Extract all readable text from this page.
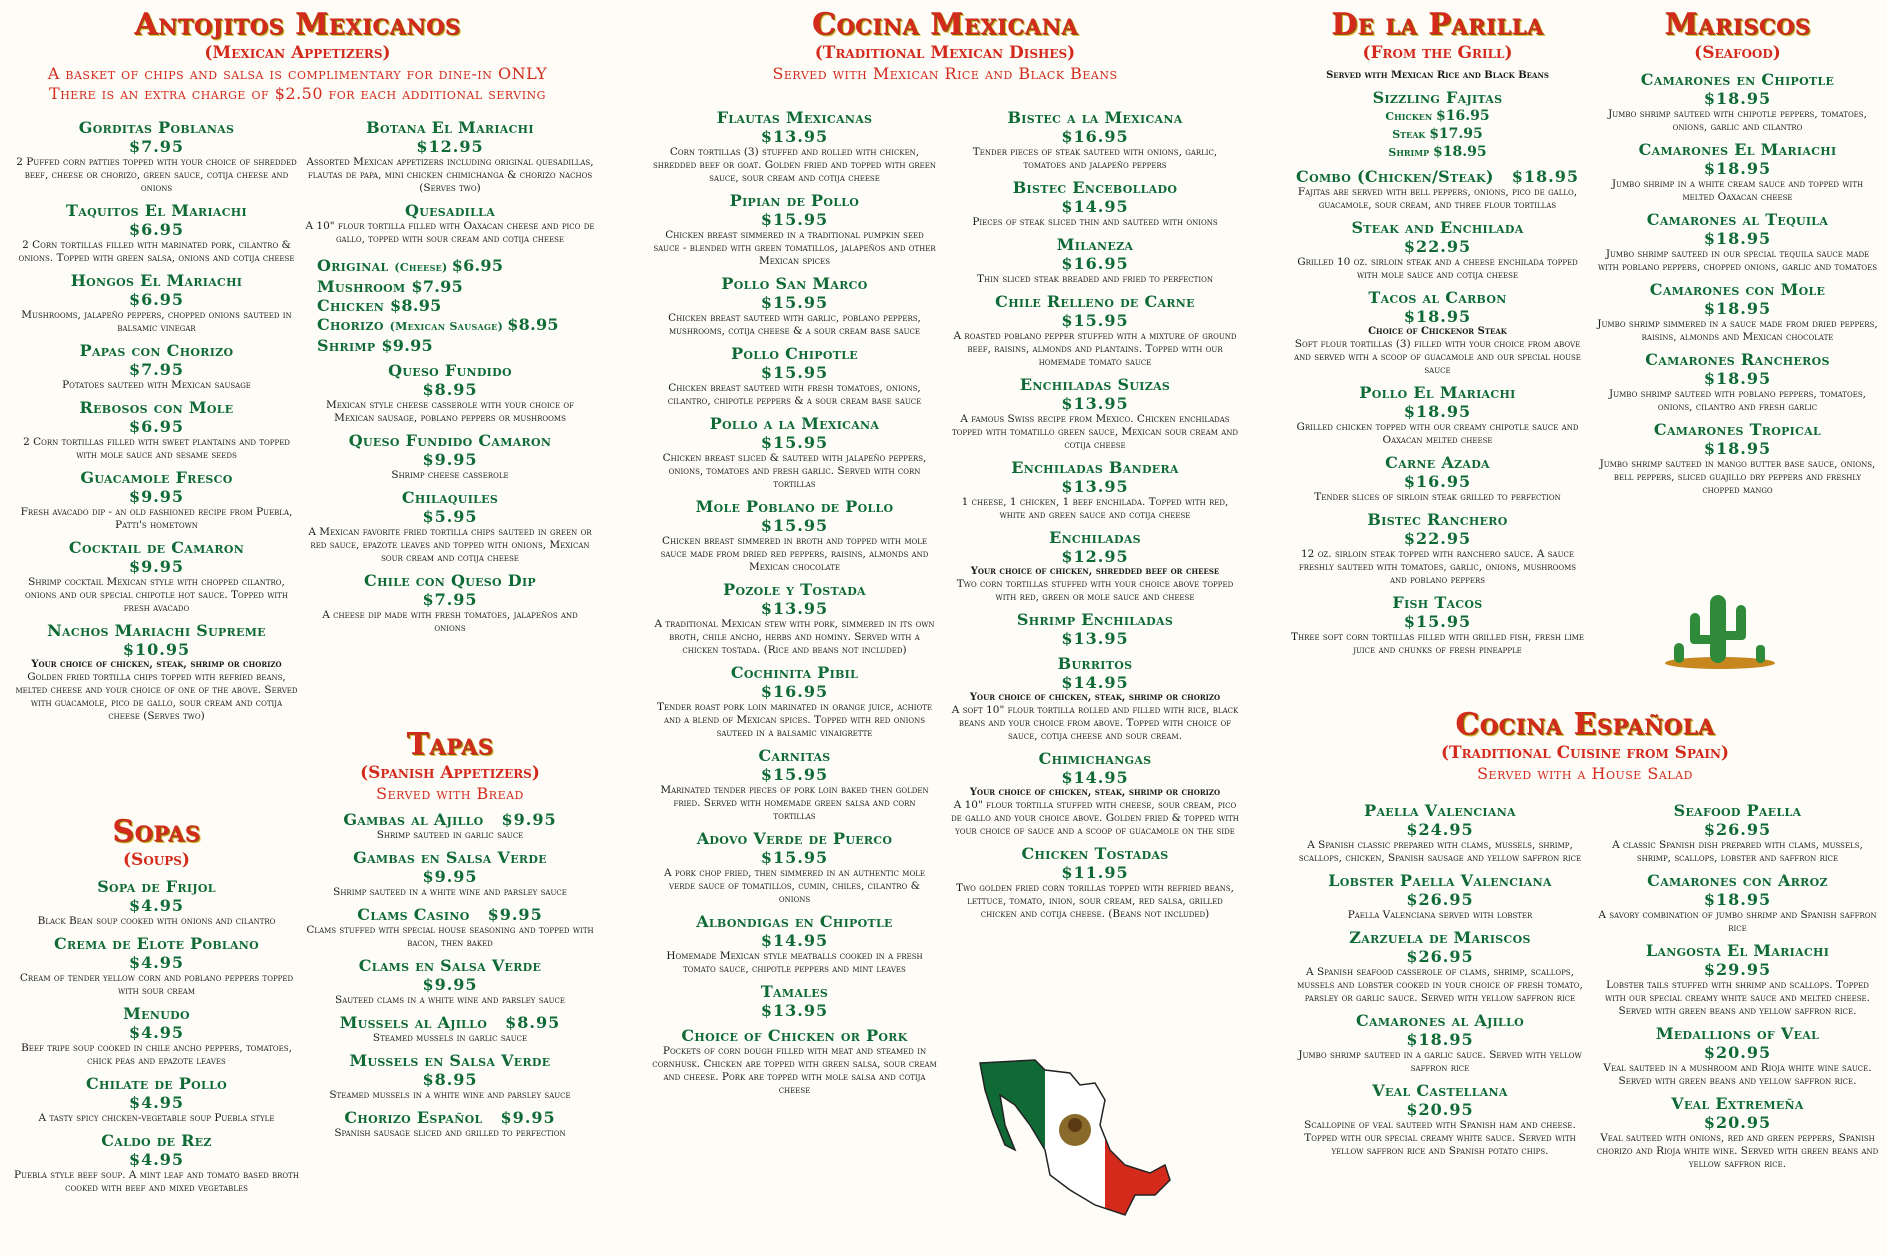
Antojitos Mexicanos
(Mexican Appetizers)
A basket of chips and salsa is complimentary for dine-in ONLY
There is an extra charge of $2.50 for each additional serving
Gorditas Poblanas
$7.95
2 Puffed corn patties topped with your choice of shredded beef, cheese or chorizo, green sauce, cotija cheese and onions
Taquitos El Mariachi
$6.95
2 Corn tortillas filled with marinated pork, cilantro & onions. Topped with green salsa, onions and cotija cheese
Hongos El Mariachi
$6.95
Mushrooms, jalapeño peppers, chopped onions sauteed in balsamic vinegar
Papas con Chorizo
$7.95
Potatoes sauteed with Mexican sausage
Rebosos con Mole
$6.95
2 Corn tortillas filled with sweet plantains and topped with mole sauce and sesame seeds
Guacamole Fresco
$9.95
Fresh avacado dip - an old fashioned recipe from Puebla, Patti's hometown
Cocktail de Camaron
$9.95
Shrimp cocktail Mexican style with chopped cilantro, onions and our special chipotle hot sauce. Topped with fresh avacado
Nachos Mariachi Supreme
$10.95
Your choice of chicken, steak, shrimp or chorizo
Golden fried tortilla chips topped with refried beans, melted cheese and your choice of one of the above. Served with guacamole, pico de gallo, sour cream and cotija cheese (Serves two)
Botana El Mariachi
$12.95
Assorted Mexican appetizers including original quesadillas, flautas de papa, mini chicken chimichanga & chorizo nachos (Serves two)
Quesadilla
A 10" flour tortilla filled with Oaxacan cheese and pico de gallo, topped with sour cream and cotija cheese
Original (Cheese) $6.95
Mushroom $7.95
Chicken $8.95
Chorizo (Mexican Sausage) $8.95
Shrimp $9.95
Queso Fundido
$8.95
Mexican style cheese casserole with your choice of Mexican sausage, poblano peppers or mushrooms
Queso Fundido Camaron
$9.95
Shrimp cheese casserole
Chilaquiles
$5.95
A Mexican favorite fried tortilla chips sauteed in green or red sauce, epazote leaves and topped with onions, Mexican sour cream and cotija cheese
Chile con Queso Dip
$7.95
A cheese dip made with fresh tomatoes, jalapeños and onions
Sopas
(Soups)
Sopa de Frijol
$4.95
Black Bean soup cooked with onions and cilantro
Crema de Elote Poblano
$4.95
Cream of tender yellow corn and poblano peppers topped with sour cream
Menudo
$4.95
Beef tripe soup cooked in chile ancho peppers, tomatoes, chick peas and epazote leaves
Chilate de Pollo
$4.95
A tasty spicy chicken-vegetable soup Puebla style
Caldo de Rez
$4.95
Puebla style beef soup. A mint leaf and tomato based broth cooked with beef and mixed vegetables
Tapas
(Spanish Appetizers)
Served with Bread
Gambas al Ajillo $9.95
Shrimp sauteed in garlic sauce
Gambas en Salsa Verde
$9.95
Shrimp sauteed in a white wine and parsley sauce
Clams Casino $9.95
Clams stuffed with special house seasoning and topped with bacon, then baked
Clams en Salsa Verde
$9.95
Sauteed clams in a white wine and parsley sauce
Mussels al Ajillo $8.95
Steamed mussels in garlic sauce
Mussels en Salsa Verde
$8.95
Steamed mussels in a white wine and parsley sauce
Chorizo Español $9.95
Spanish sausage sliced and grilled to perfection
Cocina Mexicana
(Traditional Mexican Dishes)
Served with Mexican Rice and Black Beans
Flautas Mexicanas
$13.95
Corn tortillas (3) stuffed and rolled with chicken, shredded beef or goat. Golden fried and topped with green sauce, sour cream and cotija cheese
Pipian de Pollo
$15.95
Chicken breast simmered in a traditional pumpkin seed sauce - blended with green tomatillos, jalapeños and other Mexican spices
Pollo San Marco
$15.95
Chicken breast sauteed with garlic, poblano peppers, mushrooms, cotija cheese & a sour cream base sauce
Pollo Chipotle
$15.95
Chicken breast sauteed with fresh tomatoes, onions, cilantro, chipotle peppers & a sour cream base sauce
Pollo a la Mexicana
$15.95
Chicken breast sliced & sauteed with jalapeño peppers, onions, tomatoes and fresh garlic. Served with corn tortillas
Mole Poblano de Pollo
$15.95
Chicken breast simmered in broth and topped with mole sauce made from dried red peppers, raisins, almonds and Mexican chocolate
Pozole y Tostada
$13.95
A traditional Mexican stew with pork, simmered in its own broth, chile ancho, herbs and hominy. Served with a chicken tostada. (Rice and beans not included)
Cochinita Pibil
$16.95
Tender roast pork loin marinated in orange juice, achiote and a blend of Mexican spices. Topped with red onions sauteed in a balsamic vinaigrette
Carnitas
$15.95
Marinated tender pieces of pork loin baked then golden fried. Served with homemade green salsa and corn tortillas
Adovo Verde de Puerco
$15.95
A pork chop fried, then simmered in an authentic mole verde sauce of tomatillos, cumin, chiles, cilantro & onions
Albondigas en Chipotle
$14.95
Homemade Mexican style meatballs cooked in a fresh tomato sauce, chipotle peppers and mint leaves
Tamales
$13.95
Choice of Chicken or Pork
Pockets of corn dough filled with meat and steamed in cornhusk. Chicken are topped with green salsa, sour cream and cheese. Pork are topped with mole salsa and cotija cheese
Bistec a la Mexicana
$16.95
Tender pieces of steak sauteed with onions, garlic, tomatoes and jalapeño peppers
Bistec Encebollado
$14.95
Pieces of steak sliced thin and sauteed with onions
Milaneza
$16.95
Thin sliced steak breaded and fried to perfection
Chile Relleno de Carne
$15.95
A roasted poblano pepper stuffed with a mixture of ground beef, raisins, almonds and plantains. Topped with our homemade tomato sauce
Enchiladas Suizas
$13.95
A famous Swiss recipe from Mexico. Chicken enchiladas topped with tomatillo green sauce, Mexican sour cream and cotija cheese
Enchiladas Bandera
$13.95
1 cheese, 1 chicken, 1 beef enchilada. Topped with red, white and green sauce and cotija cheese
Enchiladas
$12.95
Your choice of chicken, shredded beef or cheese
Two corn tortillas stuffed with your choice above topped with red, green or mole sauce and cheese
Shrimp Enchiladas
$13.95
Burritos
$14.95
Your choice of chicken, steak, shrimp or chorizo
A soft 10" flour tortilla rolled and filled with rice, black beans and your choice from above. Topped with choice of sauce, cotija cheese and sour cream.
Chimichangas
$14.95
Your choice of chicken, steak, shrimp or chorizo
A 10" flour tortilla stuffed with cheese, sour cream, pico de gallo and your choice above. Golden fried & topped with your choice of sauce and a scoop of guacamole on the side
Chicken Tostadas
$11.95
Two golden fried corn torillas topped with refried beans, lettuce, tomato, inion, sour cream, red salsa, grilled chicken and cotija cheese. (Beans not included)
De la Parilla
(From the Grill)
Served with Mexican Rice and Black Beans
Sizzling Fajitas
Chicken $16.95
Steak $17.95
Shrimp $18.95
Combo (Chicken/Steak) $18.95
Fajitas are served with bell peppers, onions, pico de gallo, guacamole, sour cream, and three flour tortillas
Steak and Enchilada
$22.95
Grilled 10 oz. sirloin steak and a cheese enchilada topped with mole sauce and cotija cheese
Tacos al Carbon
$18.95
Choice of Chickenor Steak
Soft flour tortillas (3) filled with your choice from above and served with a scoop of guacamole and our special house sauce
Pollo El Mariachi
$18.95
Grilled chicken topped with our creamy chipotle sauce and Oaxacan melted cheese
Carne Azada
$16.95
Tender slices of sirloin steak grilled to perfection
Bistec Ranchero
$22.95
12 oz. sirloin steak topped with ranchero sauce. A sauce freshly sauteed with tomatoes, garlic, onions, mushrooms and poblano peppers
Fish Tacos
$15.95
Three soft corn tortillas filled with grilled fish, fresh lime juice and chunks of fresh pineapple
Mariscos
(Seafood)
Camarones en Chipotle
$18.95
Jumbo shrimp sauteed with chipotle peppers, tomatoes, onions, garlic and cilantro
Camarones El Mariachi
$18.95
Jumbo shrimp in a white cream sauce and topped with melted Oaxacan cheese
Camarones al Tequila
$18.95
Jumbo shrimp sauteed in our special tequila sauce made with poblano peppers, chopped onions, garlic and tomatoes
Camarones con Mole
$18.95
Jumbo shrimp simmered in a sauce made from dried peppers, raisins, almonds and Mexican chocolate
Camarones Rancheros
$18.95
Jumbo shrimp sauteed with poblano peppers, tomatoes, onions, cilantro and fresh garlic
Camarones Tropical
$18.95
Jumbo shrimp sauteed in mango butter base sauce, onions, bell peppers, sliced guajillo dry peppers and freshly chopped mango
Cocina Española
(Traditional Cuisine from Spain)
Served with a House Salad
Paella Valenciana
$24.95
A Spanish classic prepared with clams, mussels, shrimp, scallops, chicken, Spanish sausage and yellow saffron rice
Lobster Paella Valenciana
$26.95
Paella Valenciana served with lobster
Zarzuela de Mariscos
$26.95
A Spanish seafood casserole of clams, shrimp, scallops, mussels and lobster cooked in your choice of fresh tomato, parsley or garlic sauce. Served with yellow saffron rice
Camarones al Ajillo
$18.95
Jumbo shrimp sauteed in a garlic sauce. Served with yellow saffron rice
Veal Castellana
$20.95
Scallopine of veal sauteed with Spanish ham and cheese. Topped with our special creamy white sauce. Served with yellow saffron rice and Spanish potato chips.
Seafood Paella
$26.95
A classic Spanish dish prepared with clams, mussels, shrimp, scallops, lobster and saffron rice
Camarones con Arroz
$18.95
A savory combination of jumbo shrimp and Spanish saffron rice
Langosta El Mariachi
$29.95
Lobster tails stuffed with shrimp and scallops. Topped with our special creamy white sauce and melted cheese. Served with green beans and yellow saffron rice.
Medallions of Veal
$20.95
Veal sauteed in a mushroom and Rioja white wine sauce. Served with green beans and yellow saffron rice.
Veal Extremeña
$20.95
Veal sauteed with onions, red and green peppers, Spanish chorizo and Rioja white wine. Served with green beans and yellow saffron rice.
